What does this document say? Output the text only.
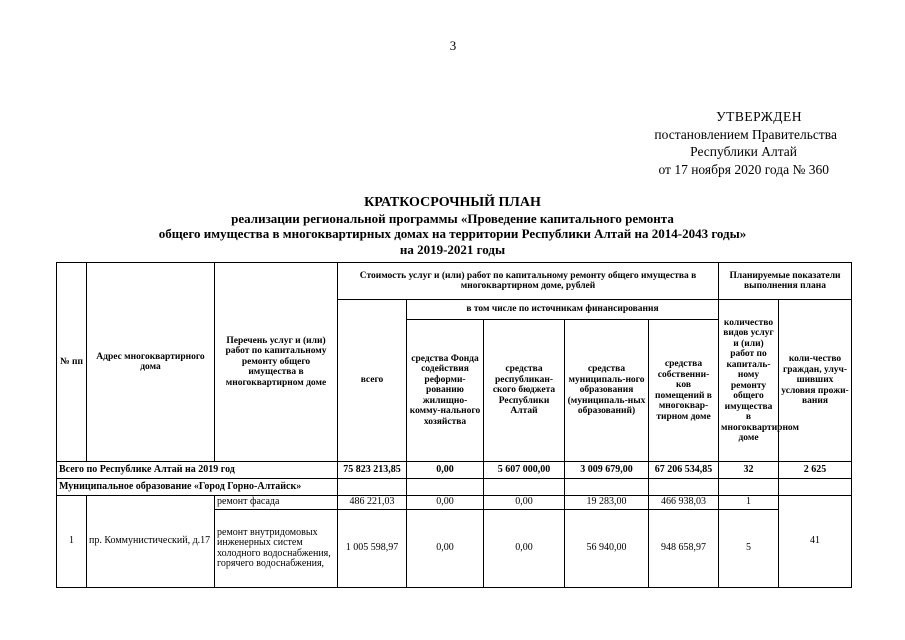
3
УТВЕРЖДЕН
постановлением Правительства
Республики Алтай
от 17 ноября 2020 года № 360
КРАТКОСРОЧНЫЙ ПЛАН
реализации региональной программы «Проведение капитального ремонта
общего имущества в многоквартирных домах на территории Республики Алтай на 2014-2043 годы»
на 2019-2021 годы
№ пп	Адрес многоквартирного дома	Перечень услуг и (или) работ по капитальному ремонту общего имущества в многоквартирном доме	Стоимость услуг и (или) работ по капитальному ремонту общего имущества в многоквартирном доме, рублей					Планируемые показатели выполнения плана	
			всего	в том числе по источникам финансирования				количество видов услуг и (или) работ по капиталь-ному ремонту общего имущества в многоквартирном доме	коли-чество граждан, улуч-шивших условия прожи-вания
				средства Фонда содействия реформи-рованию жилищно-комму-нального хозяйства	средства республикан-ского бюджета Республики Алтай	средства муниципаль-ного образования (муниципаль-ных образований)	средства собственни-ков помещений в многоквар-тирном доме		
Всего по Республике Алтай на 2019 год			75 823 213,85	0,00	5 607 000,00	3 009 679,00	67 206 534,85	32	2 625
Муниципальное образование «Город Горно-Алтайск»									
1	пр. Коммунистический, д.17	ремонт фасада	486 221,03	0,00	0,00	19 283,00	466 938,03	1	41
		ремонт внутридомовых инженерных систем холодного водоснабжения, горячего водоснабжения,	1 005 598,97	0,00	0,00	56 940,00	948 658,97	5	
